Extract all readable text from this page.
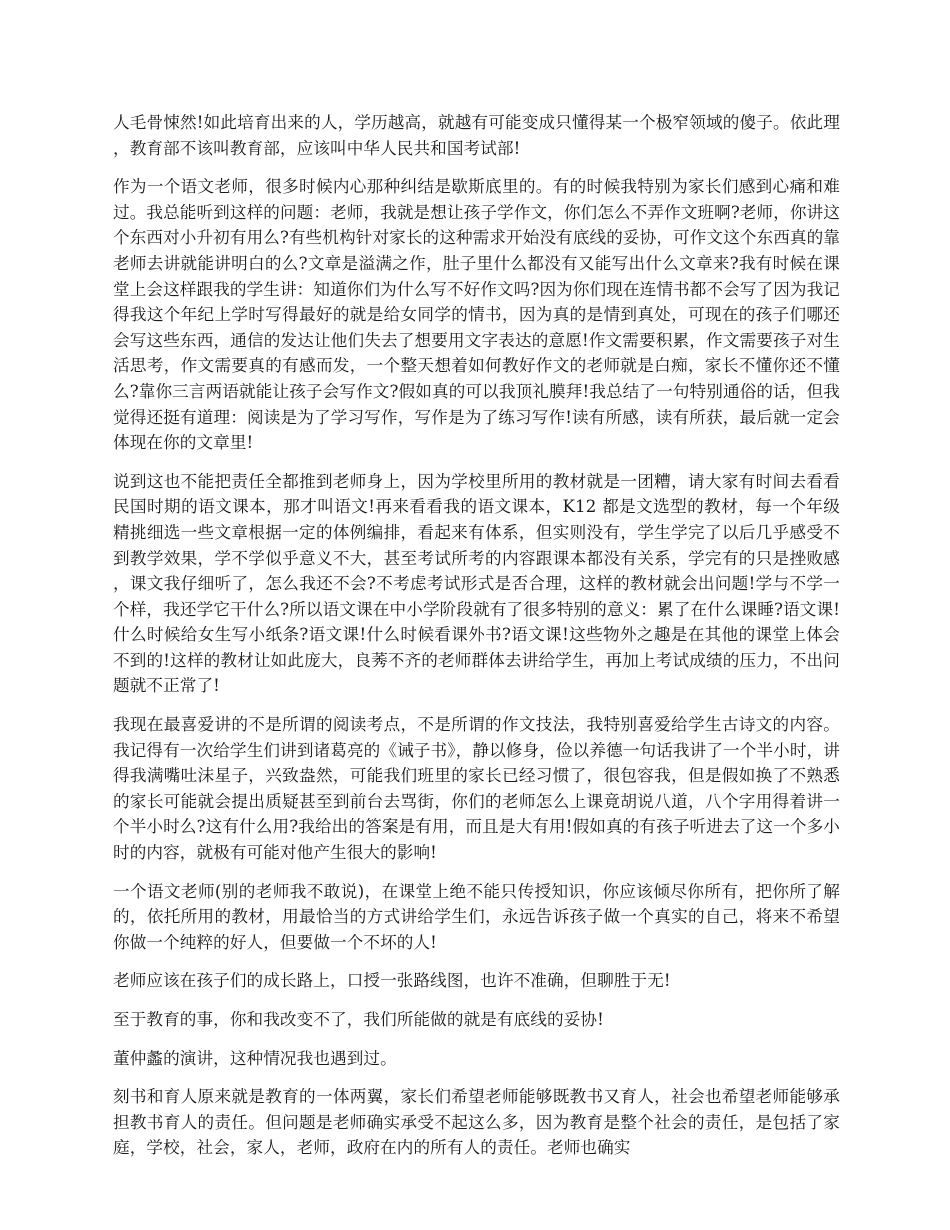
人毛骨悚然!如此培育出来的人，学历越高，就越有可能变成只懂得某一个极窄领域的傻子。依此理，教育部不该叫教育部，应该叫中华人民共和国考试部!

作为一个语文老师，很多时候内心那种纠结是歇斯底里的。有的时候我特别为家长们感到心痛和难过。我总能听到这样的问题：老师，我就是想让孩子学作文，你们怎么不弄作文班啊?老师，你讲这个东西对小升初有用么?有些机构针对家长的这种需求开始没有底线的妥协，可作文这个东西真的靠老师去讲就能讲明白的么?文章是溢满之作，肚子里什么都没有又能写出什么文章来?我有时候在课堂上会这样跟我的学生讲：知道你们为什么写不好作文吗?因为你们现在连情书都不会写了因为我记得我这个年纪上学时写得最好的就是给女同学的情书，因为真的是情到真处，可现在的孩子们哪还会写这些东西，通信的发达让他们失去了想要用文字表达的意愿!作文需要积累，作文需要孩子对生活思考，作文需要真的有感而发，一个整天想着如何教好作文的老师就是白痴，家长不懂你还不懂么?靠你三言两语就能让孩子会写作文?假如真的可以我顶礼膜拜!我总结了一句特别通俗的话，但我觉得还挺有道理：阅读是为了学习写作，写作是为了练习写作!读有所感，读有所获，最后就一定会体现在你的文章里!

说到这也不能把责任全都推到老师身上，因为学校里所用的教材就是一团糟，请大家有时间去看看民国时期的语文课本，那才叫语文!再来看看我的语文课本，K12 都是文选型的教材，每一个年级精挑细选一些文章根据一定的体例编排，看起来有体系，但实则没有，学生学完了以后几乎感受不到教学效果，学不学似乎意义不大，甚至考试所考的内容跟课本都没有关系，学完有的只是挫败感，课文我仔细听了，怎么我还不会?不考虑考试形式是否合理，这样的教材就会出问题!学与不学一个样，我还学它干什么?所以语文课在中小学阶段就有了很多特别的意义：累了在什么课睡?语文课!什么时候给女生写小纸条?语文课!什么时候看课外书?语文课!这些物外之趣是在其他的课堂上体会不到的!这样的教材让如此庞大，良莠不齐的老师群体去讲给学生，再加上考试成绩的压力，不出问题就不正常了!

我现在最喜爱讲的不是所谓的阅读考点，不是所谓的作文技法，我特别喜爱给学生古诗文的内容。我记得有一次给学生们讲到诸葛亮的《诫子书》，静以修身，俭以养德一句话我讲了一个半小时，讲得我满嘴吐沫星子，兴致盎然，可能我们班里的家长已经习惯了，很包容我，但是假如换了不熟悉的家长可能就会提出质疑甚至到前台去骂街，你们的老师怎么上课竟胡说八道，八个字用得着讲一个半小时么?这有什么用?我给出的答案是有用，而且是大有用!假如真的有孩子听进去了这一个多小时的内容，就极有可能对他产生很大的影响!

一个语文老师(别的老师我不敢说)，在课堂上绝不能只传授知识，你应该倾尽你所有，把你所了解的，依托所用的教材，用最恰当的方式讲给学生们，永远告诉孩子做一个真实的自己，将来不希望你做一个纯粹的好人，但要做一个不坏的人!

老师应该在孩子们的成长路上，口授一张路线图，也许不准确，但聊胜于无!

至于教育的事，你和我改变不了，我们所能做的就是有底线的妥协!

董仲蠡的演讲，这种情况我也遇到过。

刻书和育人原来就是教育的一体两翼，家长们希望老师能够既教书又育人，社会也希望老师能够承担教书育人的责任。但问题是老师确实承受不起这么多，因为教育是整个社会的责任，是包括了家庭，学校，社会，家人，老师，政府在内的所有人的责任。老师也确实
